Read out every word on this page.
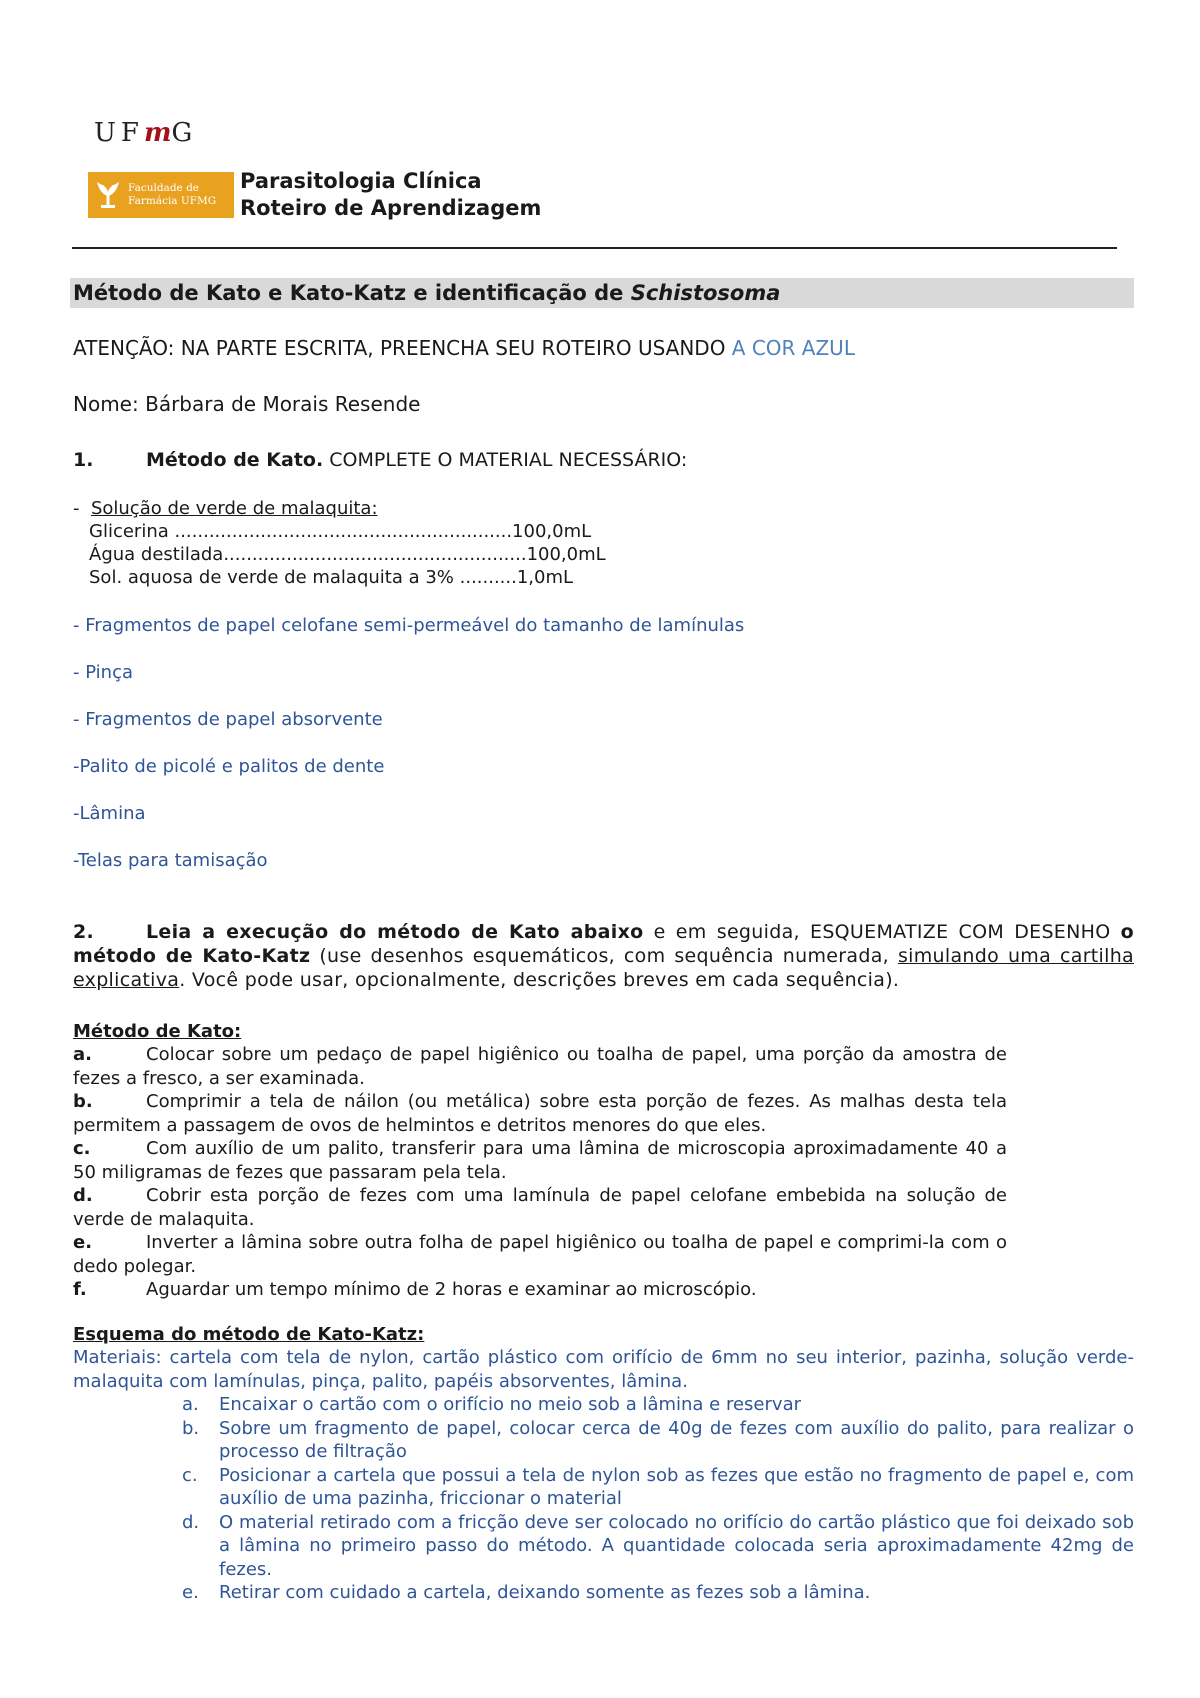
UFmG
Faculdade de
Farmácia UFMG
Parasitologia Clínica
Roteiro de Aprendizagem
Método de Kato e Kato-Katz e identificação de Schistosoma
ATENÇÃO: NA PARTE ESCRITA, PREENCHA SEU ROTEIRO USANDO A COR AZUL
Nome: Bárbara de Morais Resende
1.	Método de Kato. COMPLETE O MATERIAL NECESSÁRIO:
- Solução de verde de malaquita:
Glicerina ...........................................................100,0mL
Água destilada.....................................................100,0mL
Sol. aquosa de verde de malaquita a 3% ..........1,0mL
- Fragmentos de papel celofane semi-permeável do tamanho de lamínulas
- Pinça
- Fragmentos de papel absorvente
-Palito de picolé e palitos de dente
-Lâmina
-Telas para tamisação
2.	Leia a execução do método de Kato abaixo e em seguida, ESQUEMATIZE COM DESENHO o método de Kato-Katz (use desenhos esquemáticos, com sequência numerada, simulando uma cartilha explicativa. Você pode usar, opcionalmente, descrições breves em cada sequência).
Método de Kato:
a.	Colocar sobre um pedaço de papel higiênico ou toalha de papel, uma porção da amostra de fezes a fresco, a ser examinada.
b.	Comprimir a tela de náilon (ou metálica) sobre esta porção de fezes. As malhas desta tela permitem a passagem de ovos de helmintos e detritos menores do que eles.
c.	Com auxílio de um palito, transferir para uma lâmina de microscopia aproximadamente 40 a 50 miligramas de fezes que passaram pela tela.
d.	Cobrir esta porção de fezes com uma lamínula de papel celofane embebida na solução de verde de malaquita.
e.	Inverter a lâmina sobre outra folha de papel higiênico ou toalha de papel e comprimi-la com o dedo polegar.
f.	Aguardar um tempo mínimo de 2 horas e examinar ao microscópio.
Esquema do método de Kato-Katz:
Materiais: cartela com tela de nylon, cartão plástico com orifício de 6mm no seu interior, pazinha, solução verde-malaquita com lamínulas, pinça, palito, papéis absorventes, lâmina.
a. Encaixar o cartão com o orifício no meio sob a lâmina e reservar
b. Sobre um fragmento de papel, colocar cerca de 40g de fezes com auxílio do palito, para realizar o processo de filtração
c. Posicionar a cartela que possui a tela de nylon sob as fezes que estão no fragmento de papel e, com auxílio de uma pazinha, friccionar o material
d. O material retirado com a fricção deve ser colocado no orifício do cartão plástico que foi deixado sob a lâmina no primeiro passo do método. A quantidade colocada seria aproximadamente 42mg de fezes.
e. Retirar com cuidado a cartela, deixando somente as fezes sob a lâmina.
